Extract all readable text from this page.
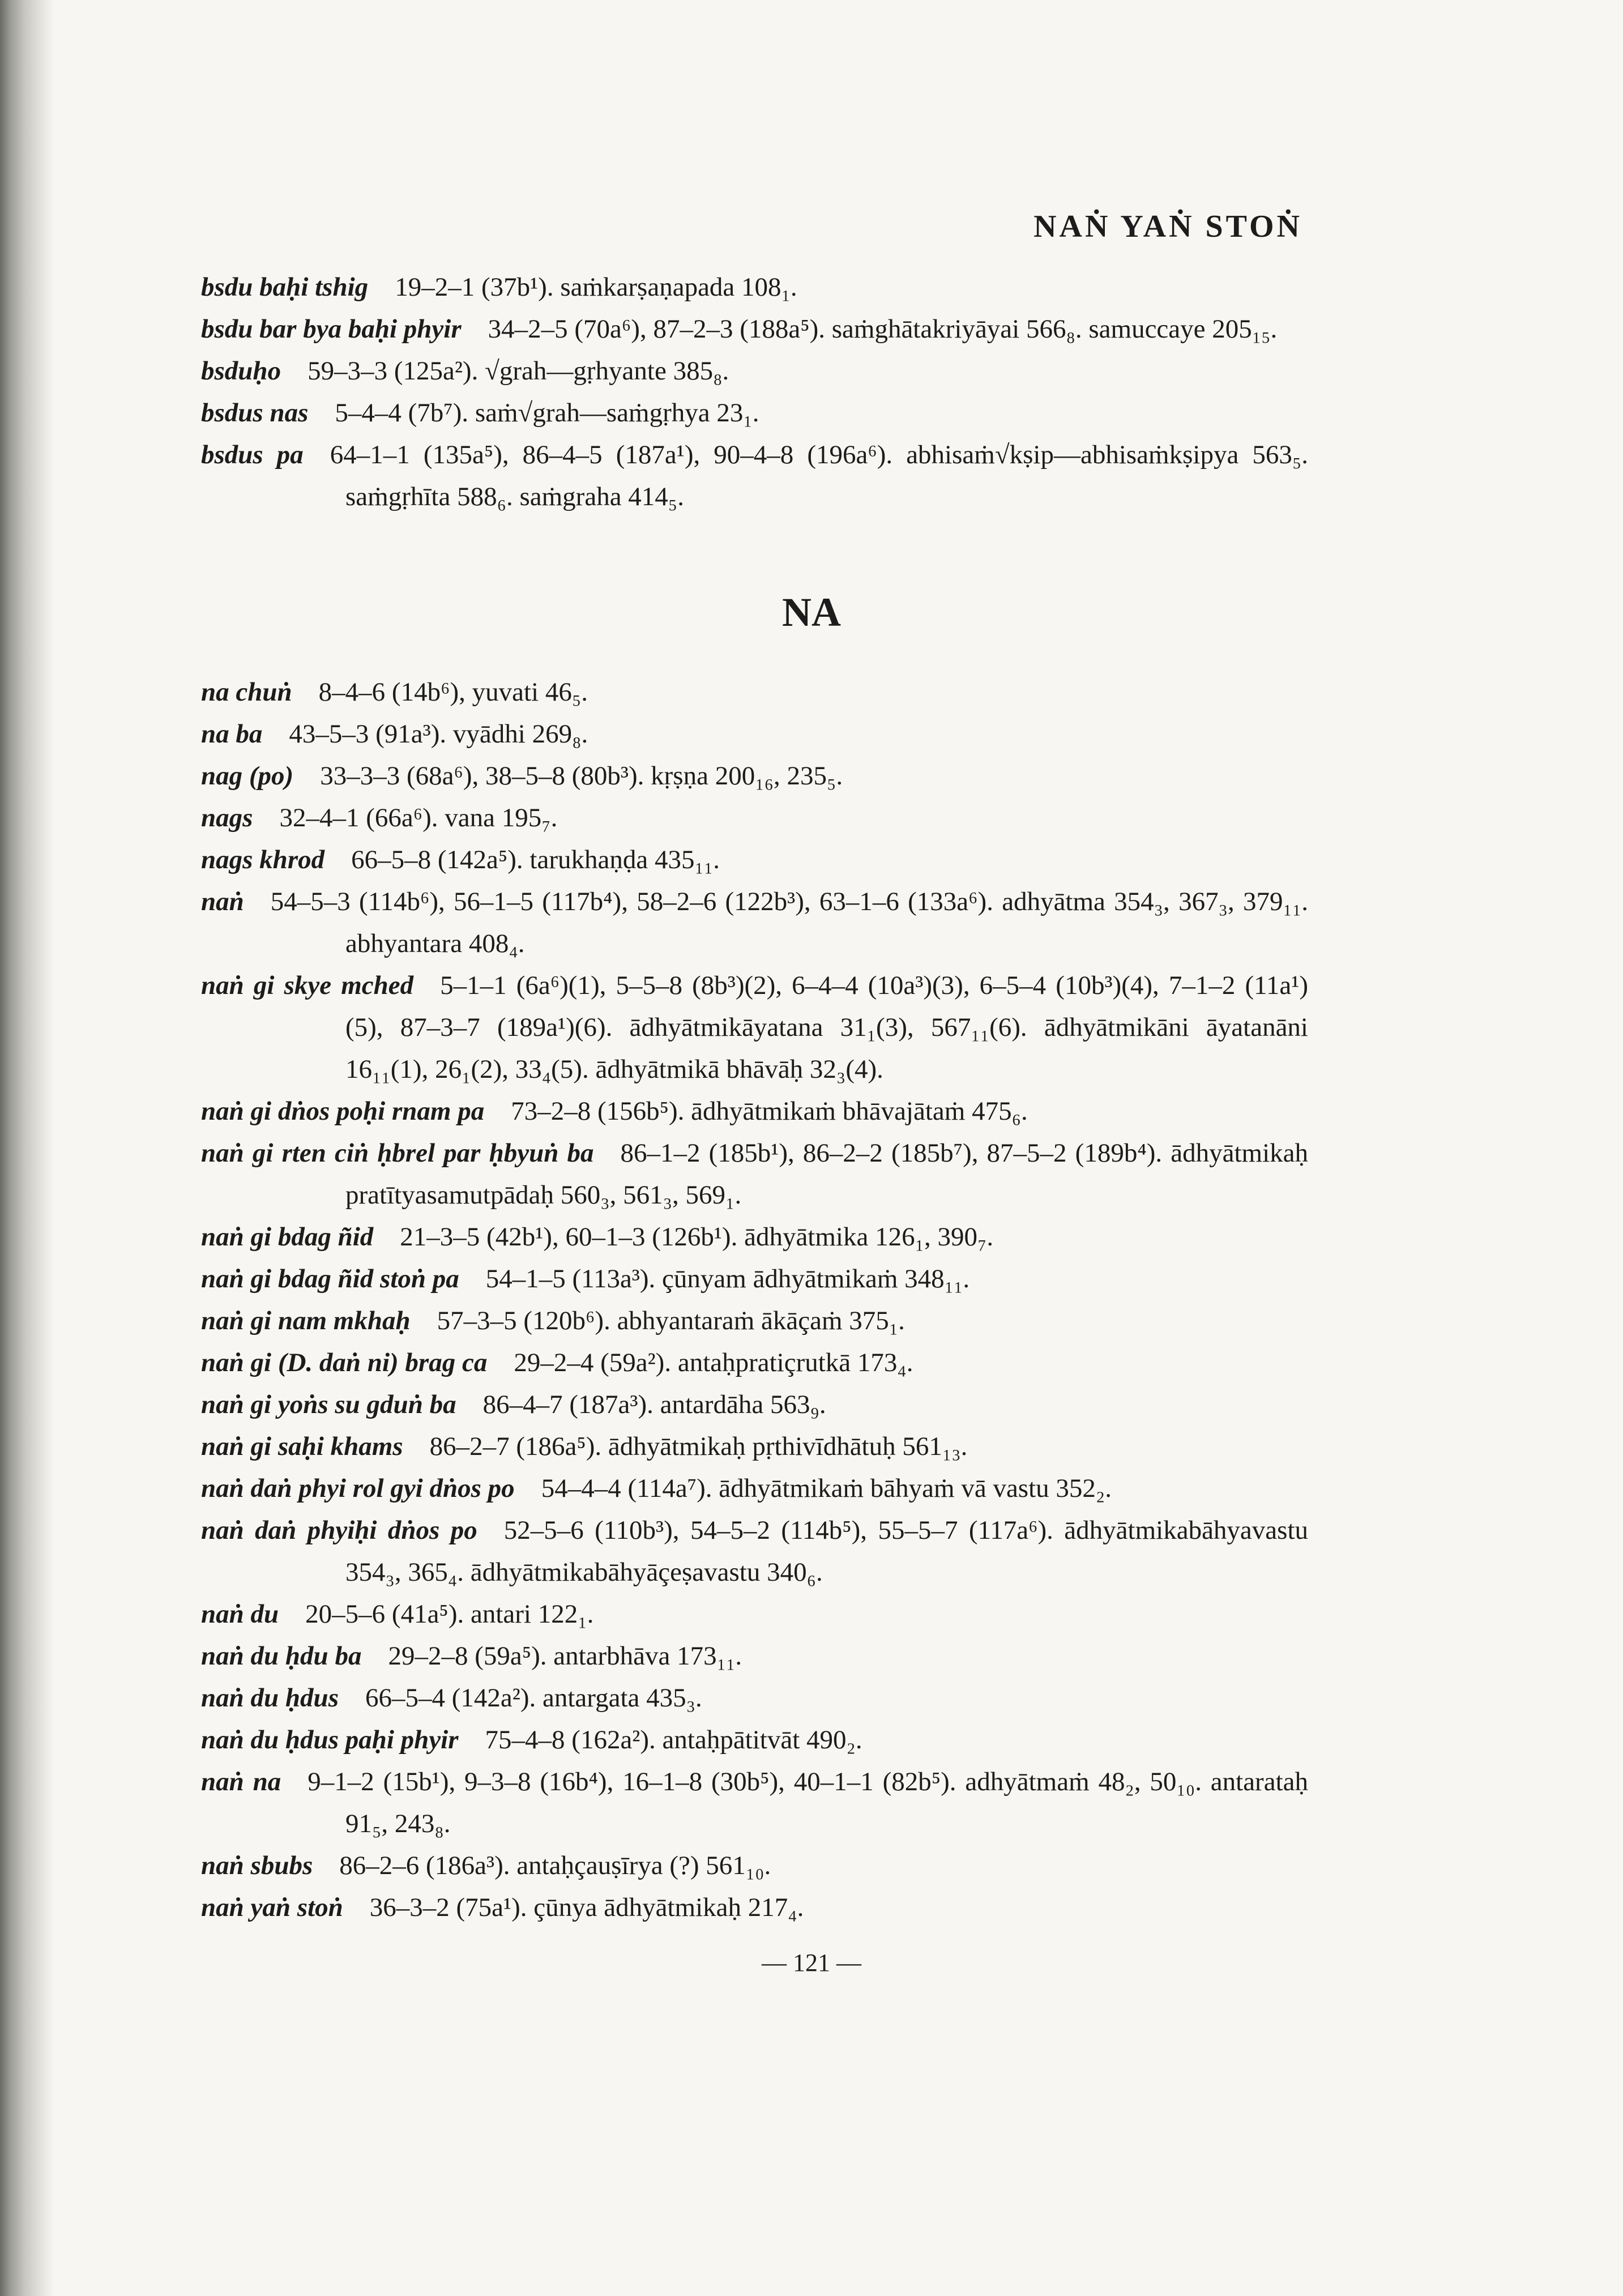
NAṄ YAṄ STOṄ

bsdu baḥi tshig  19–2–1 (37b¹). saṁkarṣaṇapada 108₁.

bsdu bar bya baḥi phyir  34–2–5 (70a⁶), 87–2–3 (188a⁵). saṁghātakriyāyai 566₈. samuccaye 205₁₅.

bsduḥo  59–3–3 (125a²). √grah—gṛhyante 385₈.

bsdus nas  5–4–4 (7b⁷). saṁ√grah—saṁgṛhya 23₁.

bsdus pa  64–1–1 (135a⁵), 86–4–5 (187a¹), 90–4–8 (196a⁶). abhisaṁ√kṣip—abhisaṁkṣipya 563₅. saṁgṛhīta 588₆. saṁgraha 414₅.

NA

na chuṅ  8–4–6 (14b⁶), yuvati 46₅.

na ba  43–5–3 (91a³). vyādhi 269₈.

nag (po)  33–3–3 (68a⁶), 38–5–8 (80b³). kṛṣṇa 200₁₆, 235₅.

nags  32–4–1 (66a⁶). vana 195₇.

nags khrod  66–5–8 (142a⁵). tarukhaṇḍa 435₁₁.

naṅ  54–5–3 (114b⁶), 56–1–5 (117b⁴), 58–2–6 (122b³), 63–1–6 (133a⁶). adhyātma 354₃, 367₃, 379₁₁. abhyantara 408₄.

naṅ gi skye mched  5–1–1 (6a⁶)(1), 5–5–8 (8b³)(2), 6–4–4 (10a³)(3), 6–5–4 (10b³)(4), 7–1–2 (11a¹)(5), 87–3–7 (189a¹)(6). ādhyātmikāyatana 31₁(3), 567₁₁(6). ādhyātmikāni āyatanāni 16₁₁(1), 26₁(2), 33₄(5). ādhyātmikā bhāvāḥ 32₃(4).

naṅ gi dṅos poḥi rnam pa  73–2–8 (156b⁵). ādhyātmikaṁ bhāvajātaṁ 475₆.

naṅ gi rten ciṅ ḥbrel par ḥbyuṅ ba  86–1–2 (185b¹), 86–2–2 (185b⁷), 87–5–2 (189b⁴). ādhyātmikaḥ pratītyasamutpādaḥ 560₃, 561₃, 569₁.

naṅ gi bdag ñid  21–3–5 (42b¹), 60–1–3 (126b¹). ādhyātmika 126₁, 390₇.

naṅ gi bdag ñid stoṅ pa  54–1–5 (113a³). çūnyam ādhyātmikaṁ 348₁₁.

naṅ gi nam mkhaḥ  57–3–5 (120b⁶). abhyantaraṁ ākāçaṁ 375₁.

naṅ gi (D. daṅ ni) brag ca  29–2–4 (59a²). antaḥpratiçrutkā 173₄.

naṅ gi yoṅs su gduṅ ba  86–4–7 (187a³). antardāha 563₉.

naṅ gi saḥi khams  86–2–7 (186a⁵). ādhyātmikaḥ pṛthivīdhātuḥ 561₁₃.

naṅ daṅ phyi rol gyi dṅos po  54–4–4 (114a⁷). ādhyātmikaṁ bāhyaṁ vā vastu 352₂.

naṅ daṅ phyiḥi dṅos po  52–5–6 (110b³), 54–5–2 (114b⁵), 55–5–7 (117a⁶). ādhyātmikabāhyavastu 354₃, 365₄. ādhyātmikabāhyāçeṣavastu 340₆.

naṅ du  20–5–6 (41a⁵). antari 122₁.

naṅ du ḥdu ba  29–2–8 (59a⁵). antarbhāva 173₁₁.

naṅ du ḥdus  66–5–4 (142a²). antargata 435₃.

naṅ du ḥdus paḥi phyir  75–4–8 (162a²). antaḥpātitvāt 490₂.

naṅ na  9–1–2 (15b¹), 9–3–8 (16b⁴), 16–1–8 (30b⁵), 40–1–1 (82b⁵). adhyātmaṁ 48₂, 50₁₀. antarataḥ 91₅, 243₈.

naṅ sbubs  86–2–6 (186a³). antaḥçauṣīrya (?) 561₁₀.

naṅ yaṅ stoṅ  36–3–2 (75a¹). çūnya ādhyātmikaḥ 217₄.

— 121 —
